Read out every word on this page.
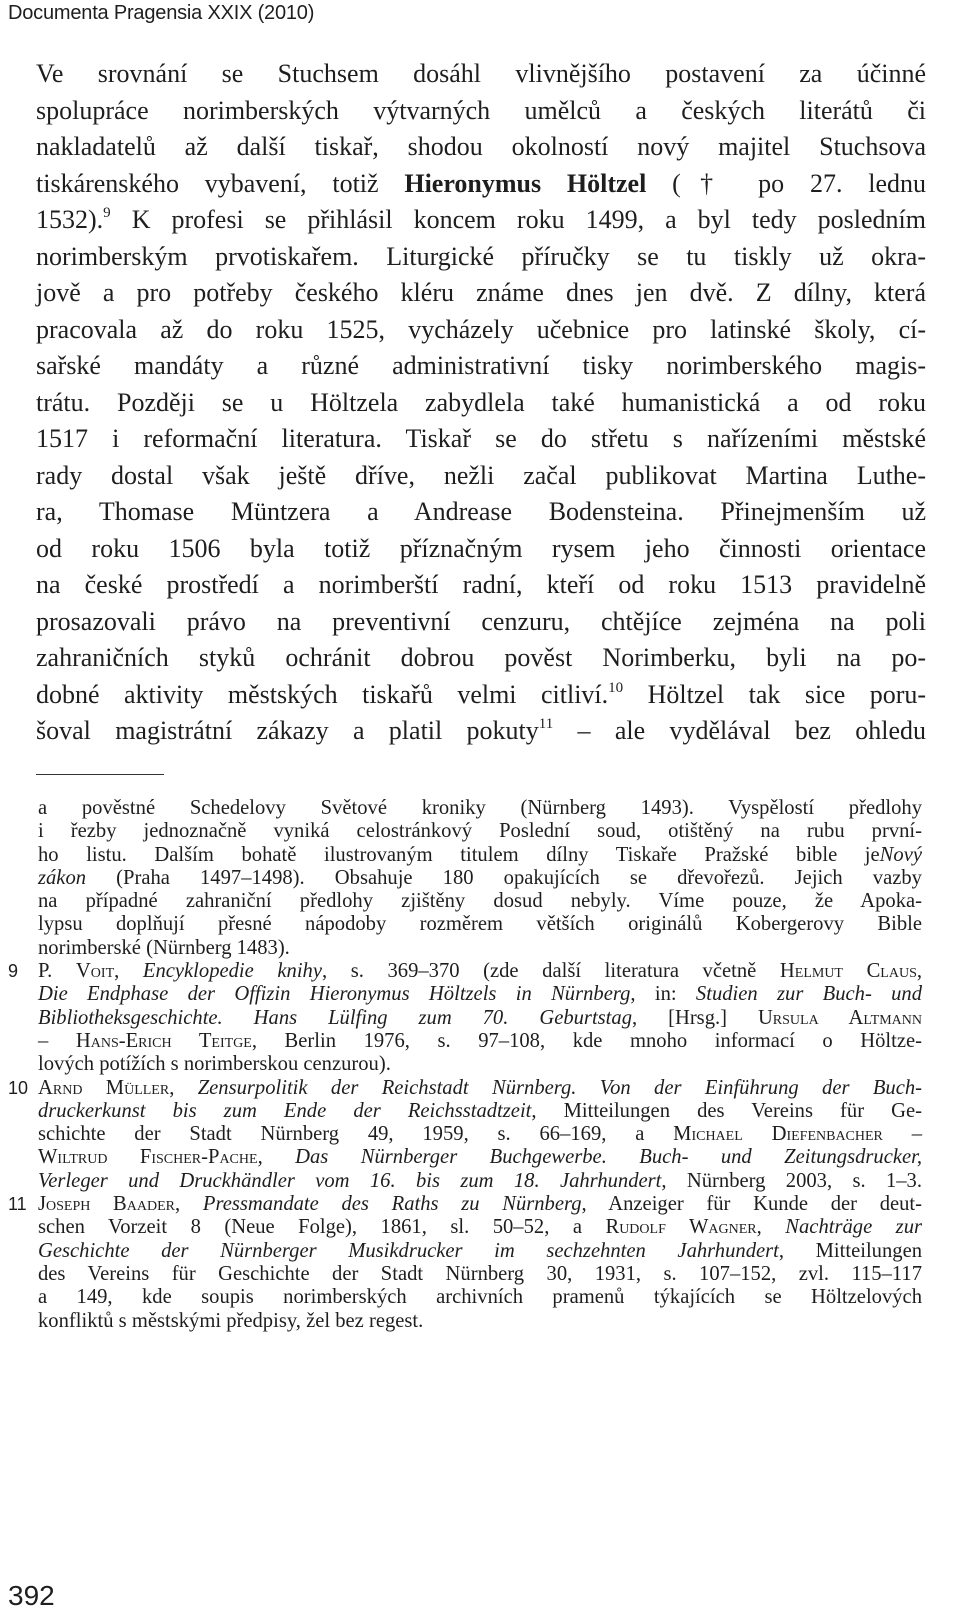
Documenta Pragensia XXIX (2010)
Ve srovnání se Stuchsem dosáhl vlivnějšího postavení za účinné
spolupráce norimberských výtvarných umělců a českých literátů či
nakladatelů až další tiskař, shodou okolností nový majitel Stuchsova
tiskárenského vybavení, totiž Hieronymus Höltzel († po 27. lednu
1532).$^9$ K profesi se přihlásil koncem roku 1499, a byl tedy posledním
norimberským prvotiskařem. Liturgické příručky se tu tiskly už okra-
jově a pro potřeby českého kléru známe dnes jen dvě. Z dílny, která
pracovala až do roku 1525, vycházely učebnice pro latinské školy, cí-
sařské mandáty a různé administrativní tisky norimberského magis-
trátu. Později se u Höltzela zabydlela také humanistická a od roku
1517 i reformační literatura. Tiskař se do střetu s nařízeními městské
rady dostal však ještě dříve, nežli začal publikovat Martina Luthe-
ra, Thomase Müntzera a Andrease Bodensteina. Přinejmenším už
od roku 1506 byla totiž příznačným rysem jeho činnosti orientace
na české prostředí a norimberští radní, kteří od roku 1513 pravidelně
prosazovali právo na preventivní cenzuru, chtějíce zejména na poli
zahraničních styků ochránit dobrou pověst Norimberku, byli na po-
dobné aktivity městských tiskařů velmi citliví.$^{10}$ Höltzel tak sice poru-
šoval magistrátní zákazy a platil pokuty$^{11}$ – ale vydělával bez ohledu
a pověstné Schedelovy Světové kroniky (Nürnberg 1493). Vyspělostí předlohy
i řezby jednoznačně vyniká celostránkový Poslední soud, otištěný na rubu první-
ho listu. Dalším bohatě ilustrovaným titulem dílny Tiskaře Pražské bible jeNový
zákon (Praha 1497–1498). Obsahuje 180 opakujících se dřevořezů. Jejich vazby
na případné zahraniční předlohy zjištěny dosud nebyly. Víme pouze, že Apoka-
lypsu doplňují přesné nápodoby rozměrem větších originálů Kobergerovy Bible
norimberské (Nürnberg 1483).
9 P. Voit, Encyklopedie knihy, s. 369–370 (zde další literatura včetně Helmut Claus,
Die Endphase der Offizin Hieronymus Höltzels in Nürnberg, in: Studien zur Buch- und
Bibliotheksgeschichte. Hans Lülfing zum 70. Geburtstag, [Hrsg.] Ursula Altmann
– Hans-Erich Teitge, Berlin 1976, s. 97–108, kde mnoho informací o Höltze-
lových potížích s norimberskou cenzurou).
10 Arnd Müller, Zensurpolitik der Reichstadt Nürnberg. Von der Einführung der Buch-
druckerkunst bis zum Ende der Reichsstadtzeit, Mitteilungen des Vereins für Ge-
schichte der Stadt Nürnberg 49, 1959, s. 66–169, a Michael Diefenbacher –
Wiltrud Fischer-Pache, Das Nürnberger Buchgewerbe. Buch- und Zeitungsdrucker,
Verleger und Druckhändler vom 16. bis zum 18. Jahrhundert, Nürnberg 2003, s. 1–3.
11 Joseph Baader, Pressmandate des Raths zu Nürnberg, Anzeiger für Kunde der deut-
schen Vorzeit 8 (Neue Folge), 1861, sl. 50–52, a Rudolf Wagner, Nachträge zur
Geschichte der Nürnberger Musikdrucker im sechzehnten Jahrhundert, Mitteilungen
des Vereins für Geschichte der Stadt Nürnberg 30, 1931, s. 107–152, zvl. 115–117
a 149, kde soupis norimberských archivních pramenů týkajících se Höltzelových
konfliktů s městskými předpisy, žel bez regest.
392
